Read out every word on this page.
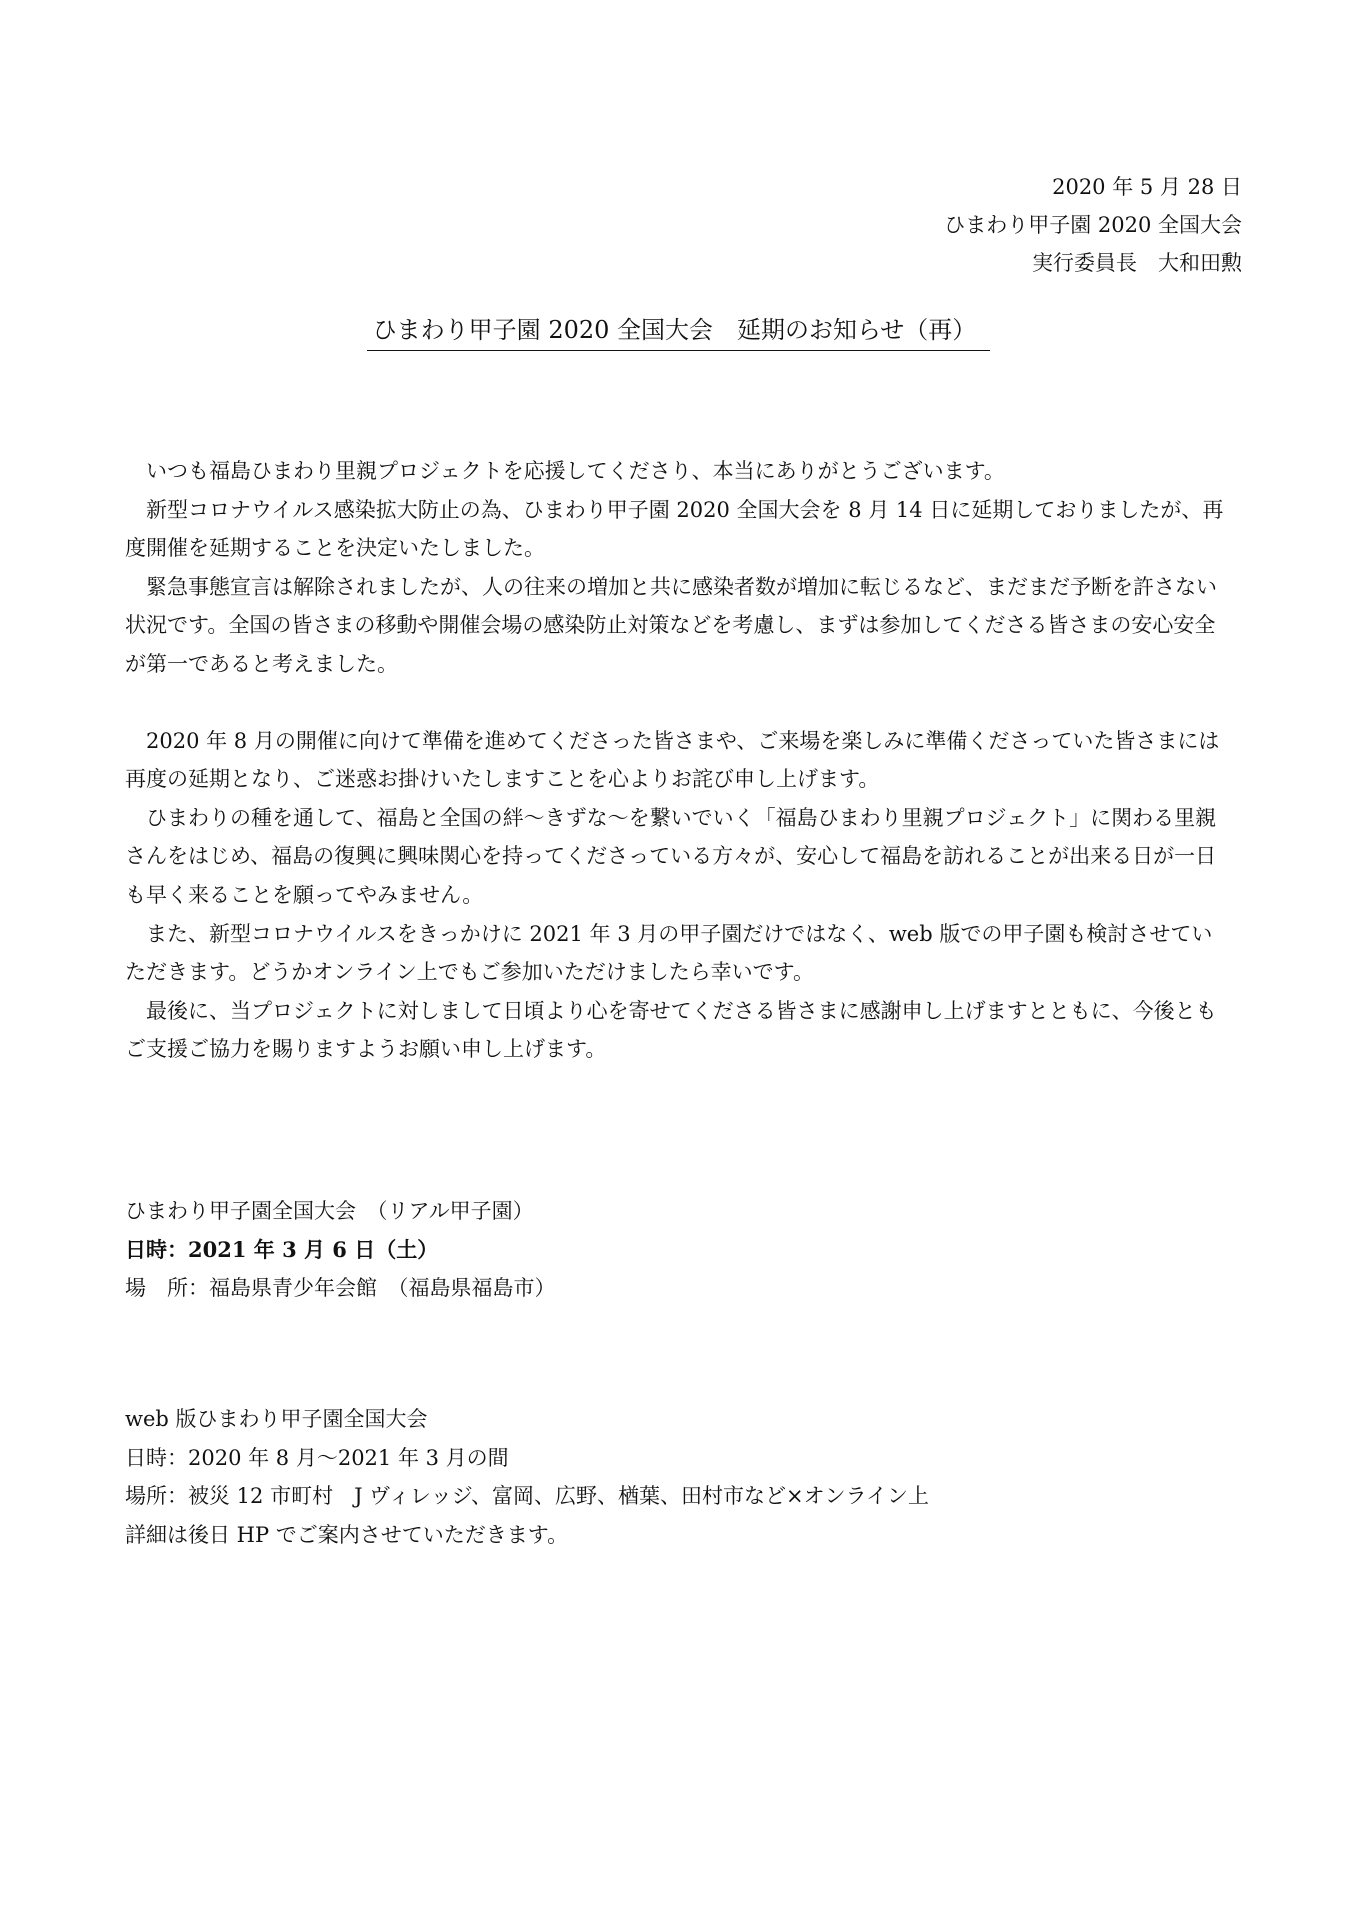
2020 年 5 月 28 日
ひまわり甲子園 2020 全国大会
実行委員長　大和田勲
ひまわり甲子園 2020 全国大会　延期のお知らせ（再）

いつも福島ひまわり里親プロジェクトを応援してくださり、本当にありがとうございます。

新型コロナウイルス感染拡大防止の為、ひまわり甲子園 2020 全国大会を 8 月 14 日に延期しておりましたが、再度開催を延期することを決定いたしました。

緊急事態宣言は解除されましたが、人の往来の増加と共に感染者数が増加に転じるなど、まだまだ予断を許さない状況です。全国の皆さまの移動や開催会場の感染防止対策などを考慮し、まずは参加してくださる皆さまの安心安全が第一であると考えました。

2020 年 8 月の開催に向けて準備を進めてくださった皆さまや、ご来場を楽しみに準備くださっていた皆さまには再度の延期となり、ご迷惑お掛けいたしますことを心よりお詫び申し上げます。

ひまわりの種を通して、福島と全国の絆〜きずな〜を繋いでいく「福島ひまわり里親プロジェクト」に関わる里親さんをはじめ、福島の復興に興味関心を持ってくださっている方々が、安心して福島を訪れることが出来る日が一日も早く来ることを願ってやみません。

また、新型コロナウイルスをきっかけに 2021 年 3 月の甲子園だけではなく、web 版での甲子園も検討させていただきます。どうかオンライン上でもご参加いただけましたら幸いです。

最後に、当プロジェクトに対しまして日頃より心を寄せてくださる皆さまに感謝申し上げますとともに、今後ともご支援ご協力を賜りますようお願い申し上げます。

ひまわり甲子園全国大会　（リアル甲子園）
日時：2021 年 3 月 6 日（土）
場　所：福島県青少年会館　（福島県福島市）
web 版ひまわり甲子園全国大会
日時：2020 年 8 月〜2021 年 3 月の間
場所：被災 12 市町村　J ヴィレッジ、富岡、広野、楢葉、田村市など×オンライン上
詳細は後日 HP でご案内させていただきます。
